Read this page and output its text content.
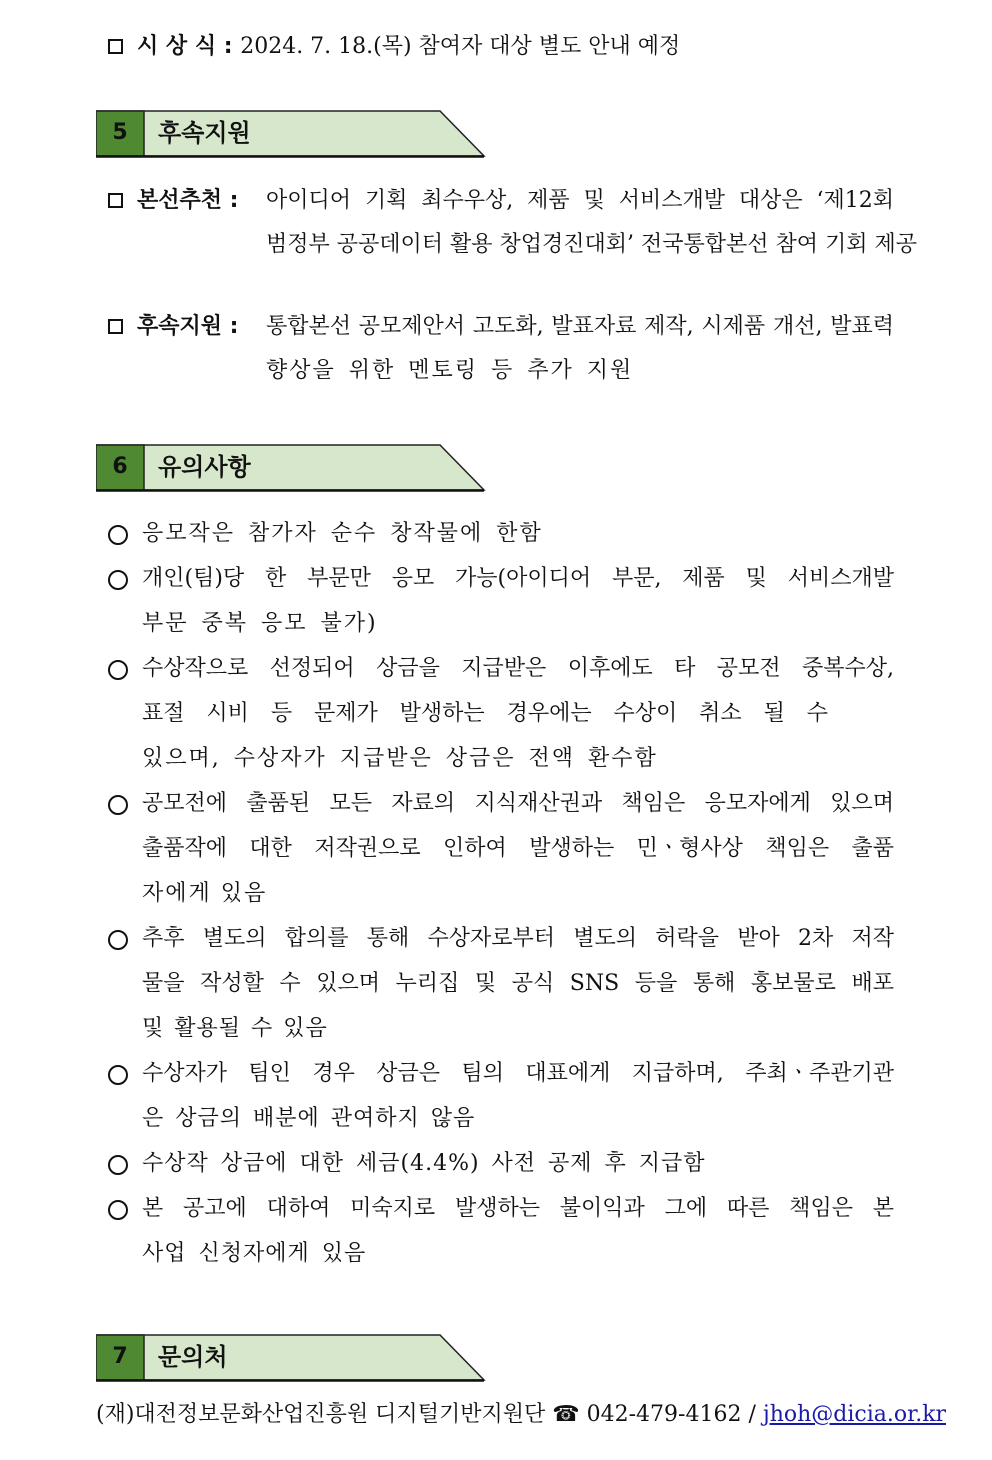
시 상 식 : 2024. 7. 18.(목) 참여자 대상 별도 안내 예정
5	후속지원
본선추천 : 아이디어 기획 최수우상, 제품 및 서비스개발 대상은 ‘제12회
범정부 공공데이터 활용 창업경진대회’ 전국통합본선 참여 기회 제공
후속지원 : 통합본선 공모제안서 고도화, 발표자료 제작, 시제품 개선, 발표력
향상을 위한 멘토링 등 추가 지원
6	유의사항
응모작은 참가자 순수 창작물에 한함
개인(팀)당 한 부문만 응모 가능(아이디어 부문, 제품 및 서비스개발
부문 중복 응모 불가)
수상작으로 선정되어 상금을 지급받은 이후에도 타 공모전 중복수상,
표절 시비 등 문제가 발생하는 경우에는 수상이 취소 될 수
있으며, 수상자가 지급받은 상금은 전액 환수함
공모전에 출품된 모든 자료의 지식재산권과 책임은 응모자에게 있으며
출품작에 대한 저작권으로 인하여 발생하는 민ㆍ형사상 책임은 출품
자에게 있음
추후 별도의 합의를 통해 수상자로부터 별도의 허락을 받아 2차 저작
물을 작성할 수 있으며 누리집 및 공식 SNS 등을 통해 홍보물로 배포
및 활용될 수 있음
수상자가 팀인 경우 상금은 팀의 대표에게 지급하며, 주최ㆍ주관기관
은 상금의 배분에 관여하지 않음
수상작 상금에 대한 세금(4.4%) 사전 공제 후 지급함
본 공고에 대하여 미숙지로 발생하는 불이익과 그에 따른 책임은 본
사업 신청자에게 있음
7	문의처
(재)대전정보문화산업진흥원 디지털기반지원단 ☎ 042-479-4162 / jhoh@dicia.or.kr
